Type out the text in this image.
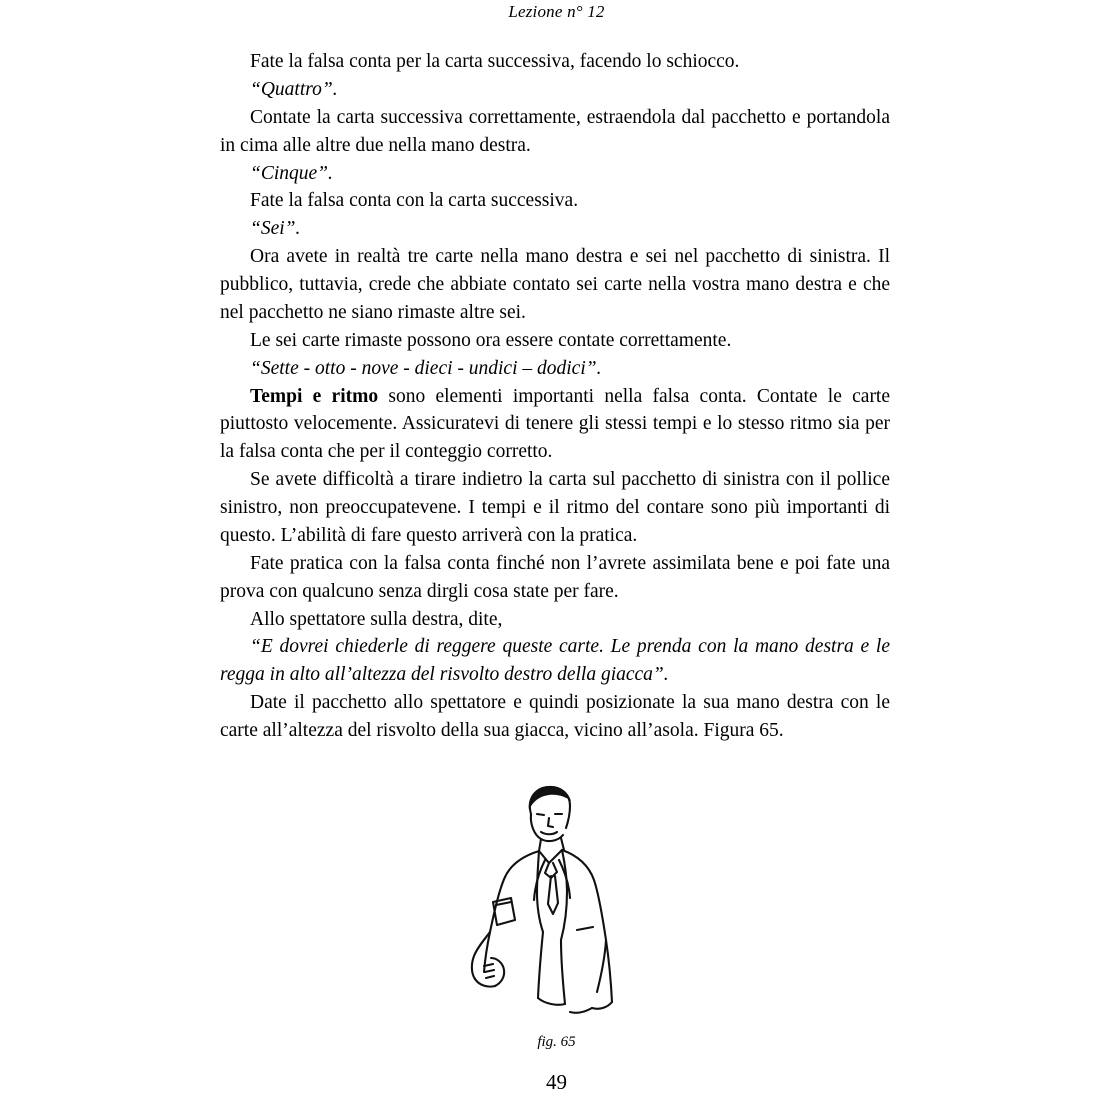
Lezione n° 12

Fate la falsa conta per la carta successiva, facendo lo schiocco.

“Quattro”.

Contate la carta successiva correttamente, estraendola dal pacchetto e portandola in cima alle altre due nella mano destra.

“Cinque”.

Fate la falsa conta con la carta successiva.

“Sei”.

Ora avete in realtà tre carte nella mano destra e sei nel pacchetto di sinistra. Il pubblico, tuttavia, crede che abbiate contato sei carte nella vostra mano destra e che nel pacchetto ne siano rimaste altre sei.

Le sei carte rimaste possono ora essere contate correttamente.

“Sette - otto - nove - dieci - undici – dodici”.

Tempi e ritmo sono elementi importanti nella falsa conta. Contate le carte piuttosto velocemente. Assicuratevi di tenere gli stessi tempi e lo stesso ritmo sia per la falsa conta che per il conteggio corretto.

Se avete difficoltà a tirare indietro la carta sul pacchetto di sinistra con il pollice sinistro, non preoccupatevene. I tempi e il ritmo del contare sono più importanti di questo. L’abilità di fare questo arriverà con la pratica.

Fate pratica con la falsa conta finché non l’avrete assimilata bene e poi fate una prova con qualcuno senza dirgli cosa state per fare.

Allo spettatore sulla destra, dite,

“E dovrei chiederle di reggere queste carte. Le prenda con la mano destra e le regga in alto all’altezza del risvolto destro della giacca”.

Date il pacchetto allo spettatore e quindi posizionate la sua mano destra con le carte all’altezza del risvolto della sua giacca, vicino all’asola. Figura 65.

fig. 65
49
